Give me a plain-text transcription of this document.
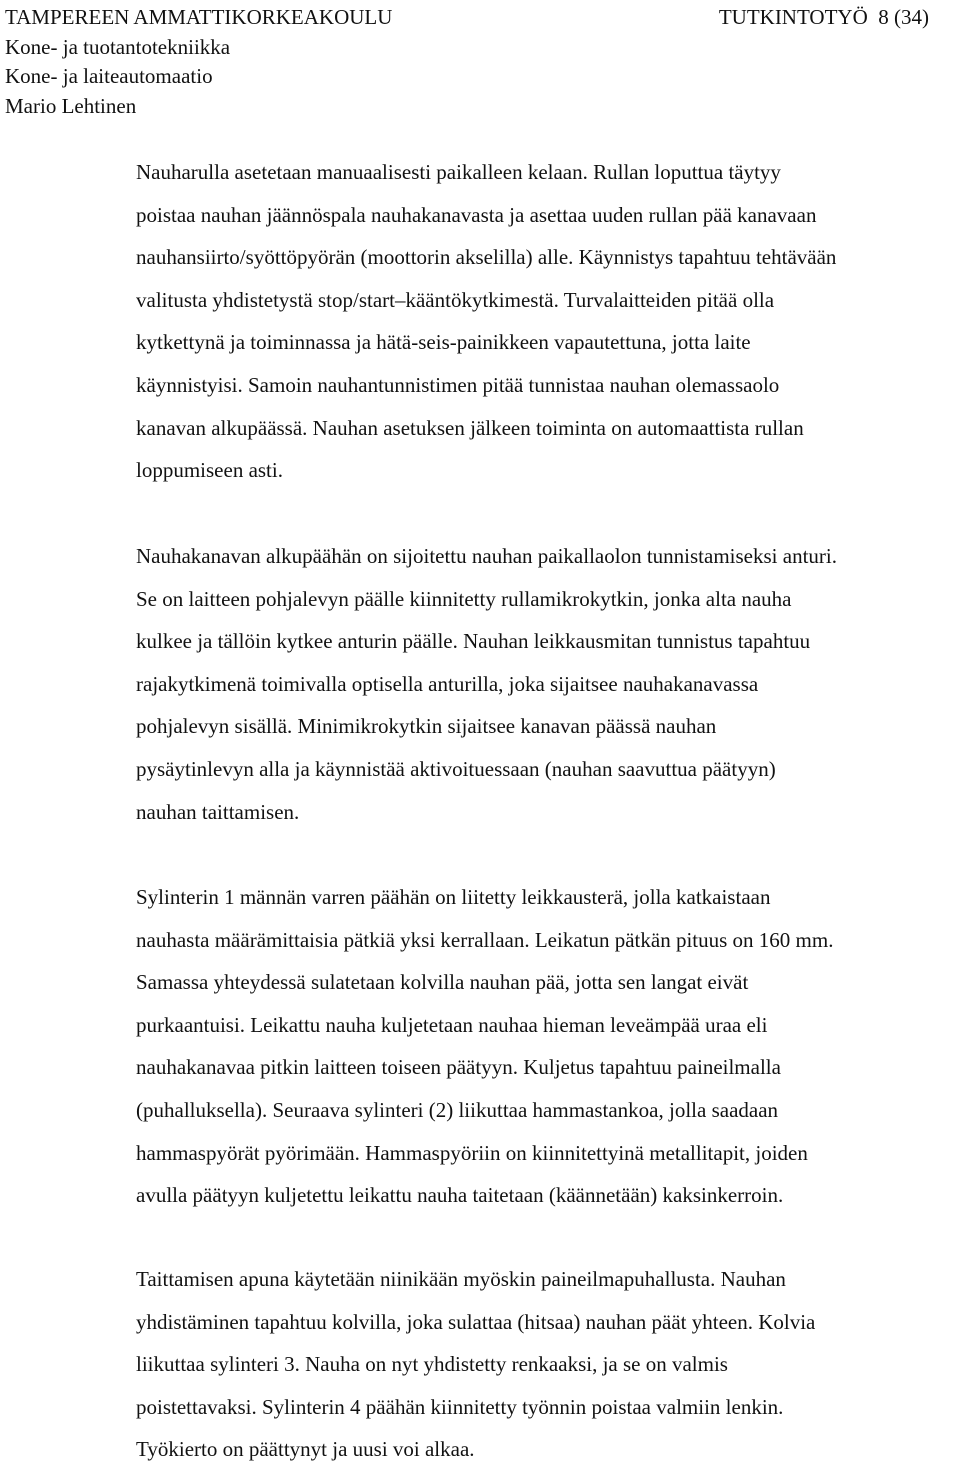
TAMPEREEN AMMATTIKORKEAKOULU	TUTKINTOTYÖ 8 (34)
Kone- ja tuotantotekniikka
Kone- ja laiteautomaatio
Mario Lehtinen
Nauharulla asetetaan manuaalisesti paikalleen kelaan. Rullan loputtua täytyy
poistaa nauhan jäännöspala nauhakanavasta ja asettaa uuden rullan pää kanavaan
nauhansiirto/syöttöpyörän (moottorin akselilla) alle. Käynnistys tapahtuu tehtävään
valitusta yhdistetystä stop/start–kääntökytkimestä. Turvalaitteiden pitää olla
kytkettynä ja toiminnassa ja hätä-seis-painikkeen vapautettuna, jotta laite
käynnistyisi. Samoin nauhantunnistimen pitää tunnistaa nauhan olemassaolo
kanavan alkupäässä. Nauhan asetuksen jälkeen toiminta on automaattista rullan
loppumiseen asti.
Nauhakanavan alkupäähän on sijoitettu nauhan paikallaolon tunnistamiseksi anturi.
Se on laitteen pohjalevyn päälle kiinnitetty rullamikrokytkin, jonka alta nauha
kulkee ja tällöin kytkee anturin päälle. Nauhan leikkausmitan tunnistus tapahtuu
rajakytkimenä toimivalla optisella anturilla, joka sijaitsee nauhakanavassa
pohjalevyn sisällä. Minimikrokytkin sijaitsee kanavan päässä nauhan
pysäytinlevyn alla ja käynnistää aktivoituessaan (nauhan saavuttua päätyyn)
nauhan taittamisen.
Sylinterin 1 männän varren päähän on liitetty leikkausterä, jolla katkaistaan
nauhasta määrämittaisia pätkiä yksi kerrallaan. Leikatun pätkän pituus on 160 mm.
Samassa yhteydessä sulatetaan kolvilla nauhan pää, jotta sen langat eivät
purkaantuisi. Leikattu nauha kuljetetaan nauhaa hieman leveämpää uraa eli
nauhakanavaa pitkin laitteen toiseen päätyyn. Kuljetus tapahtuu paineilmalla
(puhalluksella). Seuraava sylinteri (2) liikuttaa hammastankoa, jolla saadaan
hammaspyörät pyörimään. Hammaspyöriin on kiinnitettyinä metallitapit, joiden
avulla päätyyn kuljetettu leikattu nauha taitetaan (käännetään) kaksinkerroin.
Taittamisen apuna käytetään niinikään myöskin paineilmapuhallusta. Nauhan
yhdistäminen tapahtuu kolvilla, joka sulattaa (hitsaa) nauhan päät yhteen. Kolvia
liikuttaa sylinteri 3. Nauha on nyt yhdistetty renkaaksi, ja se on valmis
poistettavaksi. Sylinterin 4 päähän kiinnitetty työnnin poistaa valmiin lenkin.
Työkierto on päättynyt ja uusi voi alkaa.
